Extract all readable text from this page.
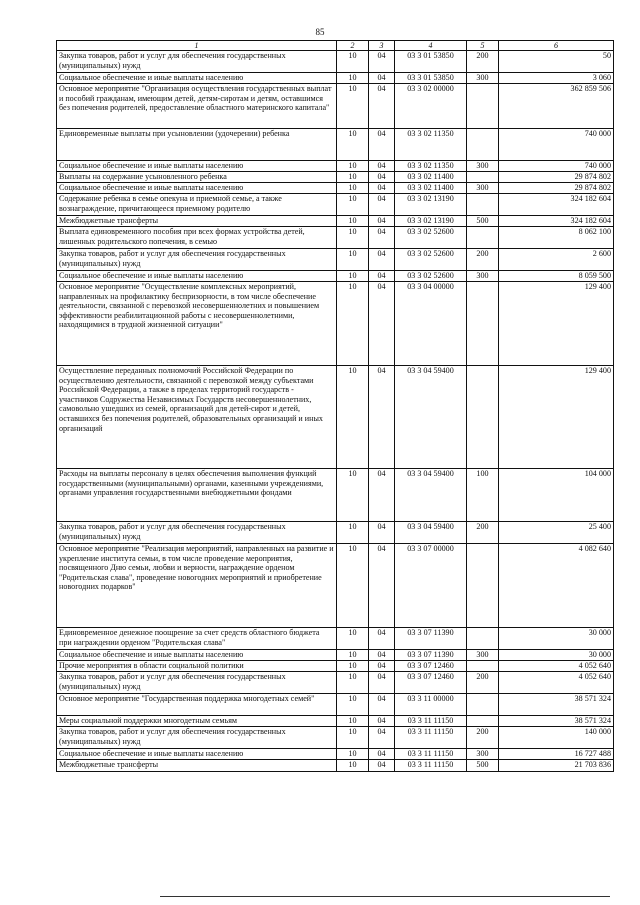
85
1	2	3	4	5	6
Закупка товаров, работ и услуг для обеспечения государственных (муниципальных) нужд	10	04	03 3 01 53850	200	50
Социальное обеспечение и иные выплаты населению	10	04	03 3 01 53850	300	3 060
Основное мероприятие "Организация осуществления государственных выплат и пособий гражданам, имеющим детей, детям-сиротам и детям, оставшимся без попечения родителей, предоставление областного материнского капитала"	10	04	03 3 02 00000		362 859 506
Единовременные выплаты при усыновлении (удочерении) ребенка	10	04	03 3 02 11350		740 000
Социальное обеспечение и иные выплаты населению	10	04	03 3 02 11350	300	740 000
Выплаты на содержание усыновленного ребенка	10	04	03 3 02 11400		29 874 802
Социальное обеспечение и иные выплаты населению	10	04	03 3 02 11400	300	29 874 802
Содержание ребенка в семье опекуна и приемной семье, а также вознаграждение, причитающееся приемному родителю	10	04	03 3 02 13190		324 182 604
Межбюджетные трансферты	10	04	03 3 02 13190	500	324 182 604
Выплата единовременного пособия при всех формах устройства детей, лишенных родительского попечения, в семью	10	04	03 3 02 52600		8 062 100
Закупка товаров, работ и услуг для обеспечения государственных (муниципальных) нужд	10	04	03 3 02 52600	200	2 600
Социальное обеспечение и иные выплаты населению	10	04	03 3 02 52600	300	8 059 500
Основное мероприятие "Осуществление комплексных мероприятий, направленных на профилактику беспризорности, в том числе обеспечение деятельности, связанной с перевозкой несовершеннолетних и повышением эффективности реабилитационной работы с несовершеннолетними, находящимися в трудной жизненной ситуации"	10	04	03 3 04 00000		129 400
Осуществление переданных полномочий Российской Федерации по осуществлению деятельности, связанной с перевозкой между субъектами Российской Федерации, а также в пределах территорий государств - участников Содружества Независимых Государств несовершеннолетних, самовольно ушедших из семей, организаций для детей-сирот и детей, оставшихся без попечения родителей, образовательных организаций и иных организаций	10	04	03 3 04 59400		129 400
Расходы на выплаты персоналу в целях обеспечения выполнения функций государственными (муниципальными) органами, казенными учреждениями, органами управления государственными внебюджетными фондами	10	04	03 3 04 59400	100	104 000
Закупка товаров, работ и услуг для обеспечения государственных (муниципальных) нужд	10	04	03 3 04 59400	200	25 400
Основное мероприятие "Реализация мероприятий, направленных на развитие и укрепление института семьи, в том числе проведение мероприятия, посвященного Дню семьи, любви и верности, награждение орденом "Родительская слава", проведение новогодних мероприятий и приобретение новогодних подарков"	10	04	03 3 07 00000		4 082 640
Единовременное денежное поощрение за счет средств областного бюджета при награждении орденом "Родительская слава"	10	04	03 3 07 11390		30 000
Социальное обеспечение и иные выплаты населению	10	04	03 3 07 11390	300	30 000
Прочие мероприятия в области социальной политики	10	04	03 3 07 12460		4 052 640
Закупка товаров, работ и услуг для обеспечения государственных (муниципальных) нужд	10	04	03 3 07 12460	200	4 052 640
Основное мероприятие "Государственная поддержка многодетных семей"	10	04	03 3 11 00000		38 571 324
Меры социальной поддержки многодетным семьям	10	04	03 3 11 11150		38 571 324
Закупка товаров, работ и услуг для обеспечения государственных (муниципальных) нужд	10	04	03 3 11 11150	200	140 000
Социальное обеспечение и иные выплаты населению	10	04	03 3 11 11150	300	16 727 488
Межбюджетные трансферты	10	04	03 3 11 11150	500	21 703 836
